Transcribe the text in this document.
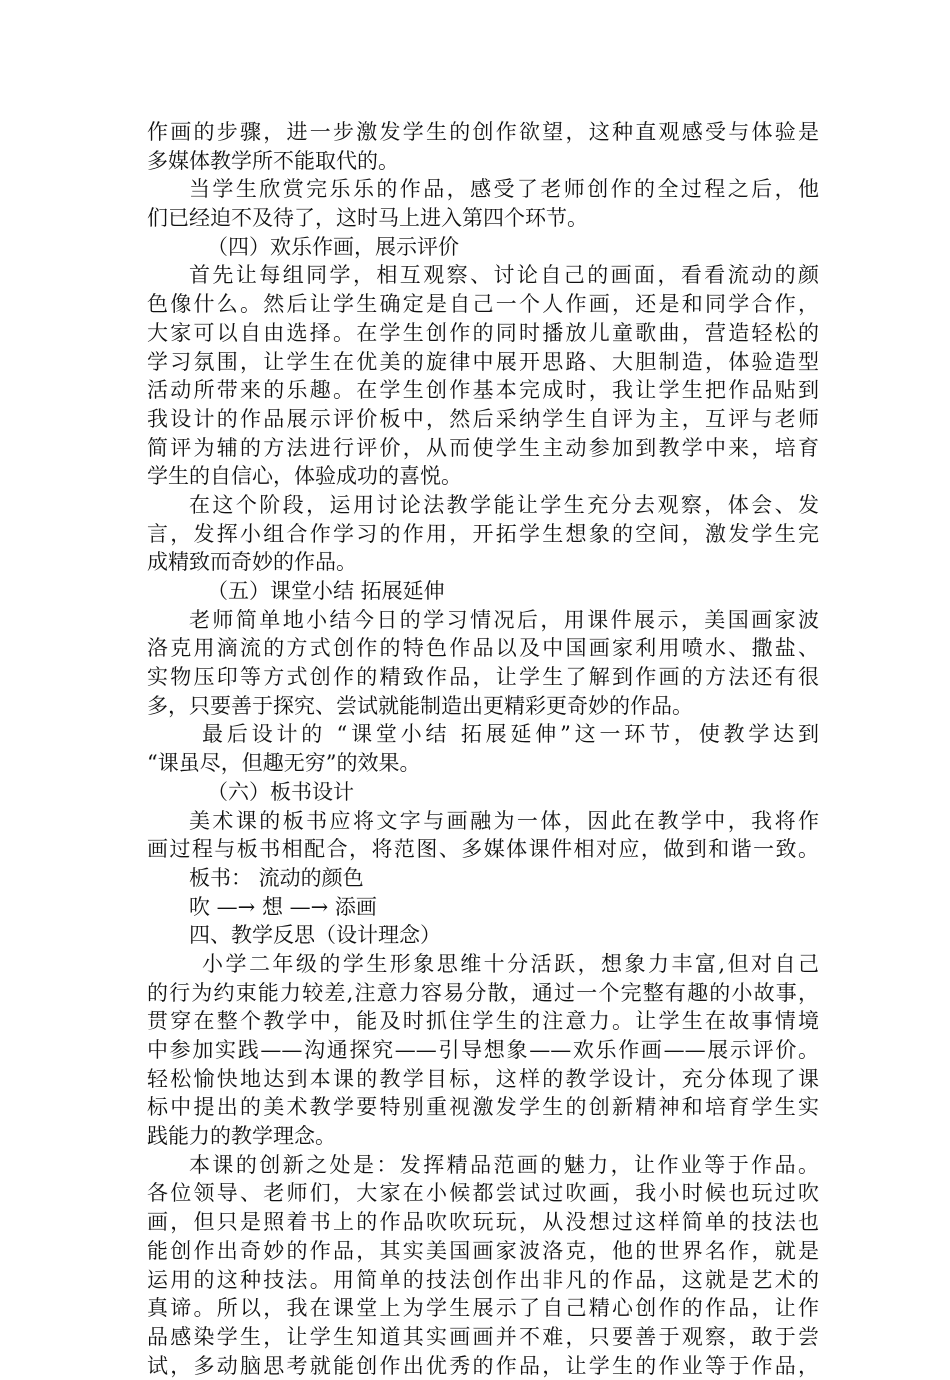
作画的步骤，进一步激发学生的创作欲望，这种直观感受与体验是
多媒体教学所不能取代的。
当学生欣赏完乐乐的作品，感受了老师创作的全过程之后，他
们已经迫不及待了，这时马上进入第四个环节。
（四）欢乐作画，展示评价
首先让每组同学，相互观察、讨论自己的画面，看看流动的颜
色像什么。然后让学生确定是自己一个人作画，还是和同学合作，
大家可以自由选择。在学生创作的同时播放儿童歌曲，营造轻松的
学习氛围，让学生在优美的旋律中展开思路、大胆制造，体验造型
活动所带来的乐趣。在学生创作基本完成时，我让学生把作品贴到
我设计的作品展示评价板中，然后采纳学生自评为主，互评与老师
简评为辅的方法进行评价，从而使学生主动参加到教学中来，培育
学生的自信心，体验成功的喜悦。
在这个阶段，运用讨论法教学能让学生充分去观察，体会、发
言，发挥小组合作学习的作用，开拓学生想象的空间，激发学生完
成精致而奇妙的作品。
（五）课堂小结 拓展延伸
老师简单地小结今日的学习情况后，用课件展示，美国画家波
洛克用滴流的方式创作的特色作品以及中国画家利用喷水、撒盐、
实物压印等方式创作的精致作品，让学生了解到作画的方法还有很
多，只要善于探究、尝试就能制造出更精彩更奇妙的作品。
最后设计的 “课堂小结 拓展延伸”这一环节，使教学达到
“课虽尽，但趣无穷”的效果。
（六）板书设计
美术课的板书应将文字与画融为一体，因此在教学中，我将作
画过程与板书相配合，将范图、多媒体课件相对应，做到和谐一致。
板书： 流动的颜色
吹 —→ 想 —→ 添画
四、教学反思（设计理念）
小学二年级的学生形象思维十分活跃，想象力丰富,但对自己
的行为约束能力较差,注意力容易分散，通过一个完整有趣的小故事，
贯穿在整个教学中，能及时抓住学生的注意力。让学生在故事情境
中参加实践——沟通探究——引导想象——欢乐作画——展示评价。
轻松愉快地达到本课的教学目标，这样的教学设计，充分体现了课
标中提出的美术教学要特别重视激发学生的创新精神和培育学生实
践能力的教学理念。
本课的创新之处是：发挥精品范画的魅力，让作业等于作品。
各位领导、老师们，大家在小候都尝试过吹画，我小时候也玩过吹
画，但只是照着书上的作品吹吹玩玩，从没想过这样简单的技法也
能创作出奇妙的作品，其实美国画家波洛克，他的世界名作，就是
运用的这种技法。用简单的技法创作出非凡的作品，这就是艺术的
真谛。所以，我在课堂上为学生展示了自己精心创作的作品，让作
品感染学生，让学生知道其实画画并不难，只要善于观察，敢于尝
试，多动脑思考就能创作出优秀的作品，让学生的作业等于作品，
